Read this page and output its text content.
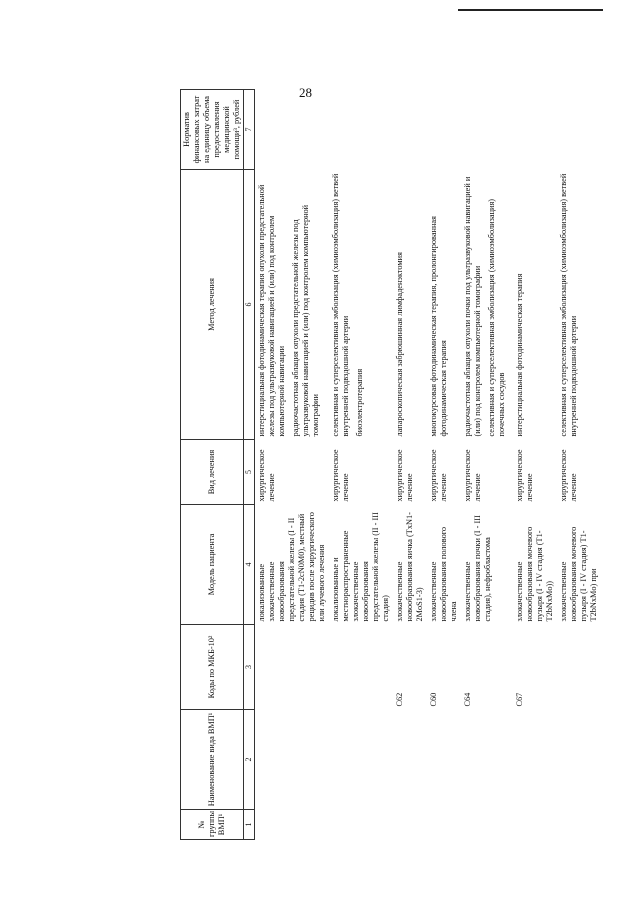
28
№ группы ВМП¹	Наименование вида ВМП¹	Коды по МКБ-10²	Модель пациента	Вид лечения	Метод лечения	Норматив финансовых затрат на единицу объема предоставления медицинской помощи³, рублей
1	2	3	4	5	6	7
			локализованные злокачественные новообразования предстательной железы (I - II стадия (T1-2cN0M0), местный рецидив после хирургического или лучевого лечения	хирургическое лечение	интерстициальная фотодинамическая терапия опухоли предстательной железы под ультразвуковой навигацией и (или) под контролем компьютерной навигации радиочастотная аблация опухоли предстательной железы под ультразвуковой навигацией и (или) под контролем компьютерной томографии	

			локализованные и местнораспространенные злокачественные новообразования предстательной железы (II - III стадия)	хирургическое лечение	селективная и суперселективная эмболизация (химиоэмболизация) ветвей внутренней подвздошной артерии биоэлектротерапия	

		C62	злокачественные новообразования яичка (TxN1-2MoS1-3)	хирургическое лечение	лапароскопическая забрюшинная лимфаденэктомия	

		C60	злокачественные новообразования полового члена	хирургическое лечение	многокурсовая фотодинамическая терапия, пролонгированная фотодинамическая терапия	

		C64	злокачественные новообразования почки (I - III стадия), нефробластома	хирургическое лечение	радиочастотная аблация опухоли почки под ультразвуковой навигацией и (или) под контролем компьютерной томографии селективная и суперселективная эмболизация (химиоэмболизация) почечных сосудов	

		C67	злокачественные новообразования мочевого пузыря (I - IV стадия (T1-T2bNxMo))	хирургическое лечение	интерстициальная фотодинамическая терапия	

			злокачественные новообразования мочевого пузыря (I - IV стадия) T1-T2bNxMo) при	хирургическое лечение	селективная и суперселективная эмболизация (химиоэмболизация) ветвей внутренней подвздошной артерии	
